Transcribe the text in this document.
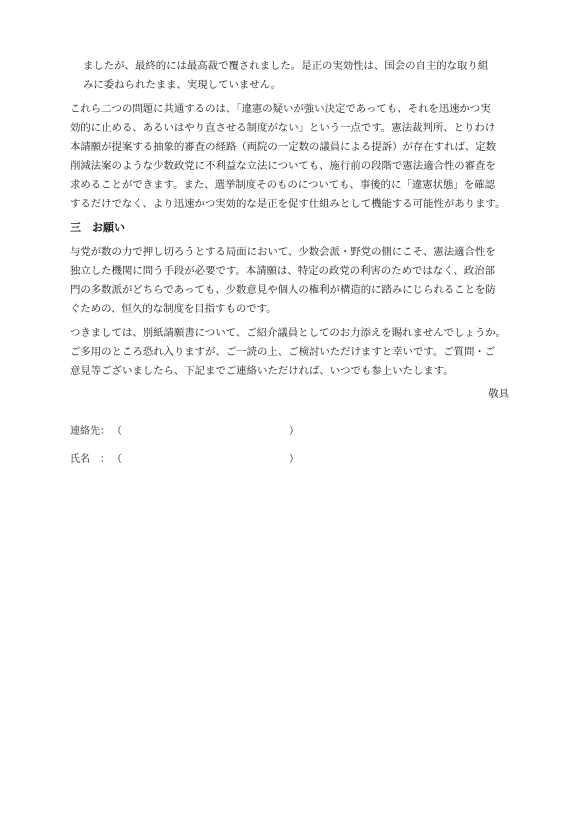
ましたが、最終的には最高裁で覆されました。是正の実効性は、国会の自主的な取り組
みに委ねられたまま、実現していません。
これら二つの問題に共通するのは、「違憲の疑いが強い決定であっても、それを迅速かつ実
効的に止める、あるいはやり直させる制度がない」という一点です。憲法裁判所、とりわけ
本請願が提案する抽象的審査の経路（両院の一定数の議員による提訴）が存在すれば、定数
削減法案のような少数政党に不利益な立法についても、施行前の段階で憲法適合性の審査を
求めることができます。また、選挙制度そのものについても、事後的に「違憲状態」を確認
するだけでなく、より迅速かつ実効的な是正を促す仕組みとして機能する可能性があります。
三　お願い
与党が数の力で押し切ろうとする局面において、少数会派・野党の側にこそ、憲法適合性を
独立した機関に問う手段が必要です。本請願は、特定の政党の利害のためではなく、政治部
門の多数派がどちらであっても、少数意見や個人の権利が構造的に踏みにじられることを防
ぐための、恒久的な制度を目指すものです。
つきましては、別紙請願書について、ご紹介議員としてのお力添えを賜れませんでしょうか。
ご多用のところ恐れ入りますが、ご一読の上、ご検討いただけますと幸いです。ご質問・ご
意見等ございましたら、下記までご連絡いただければ、いつでも参上いたします。
敬具
連絡先： （	）
氏名　： （	）
